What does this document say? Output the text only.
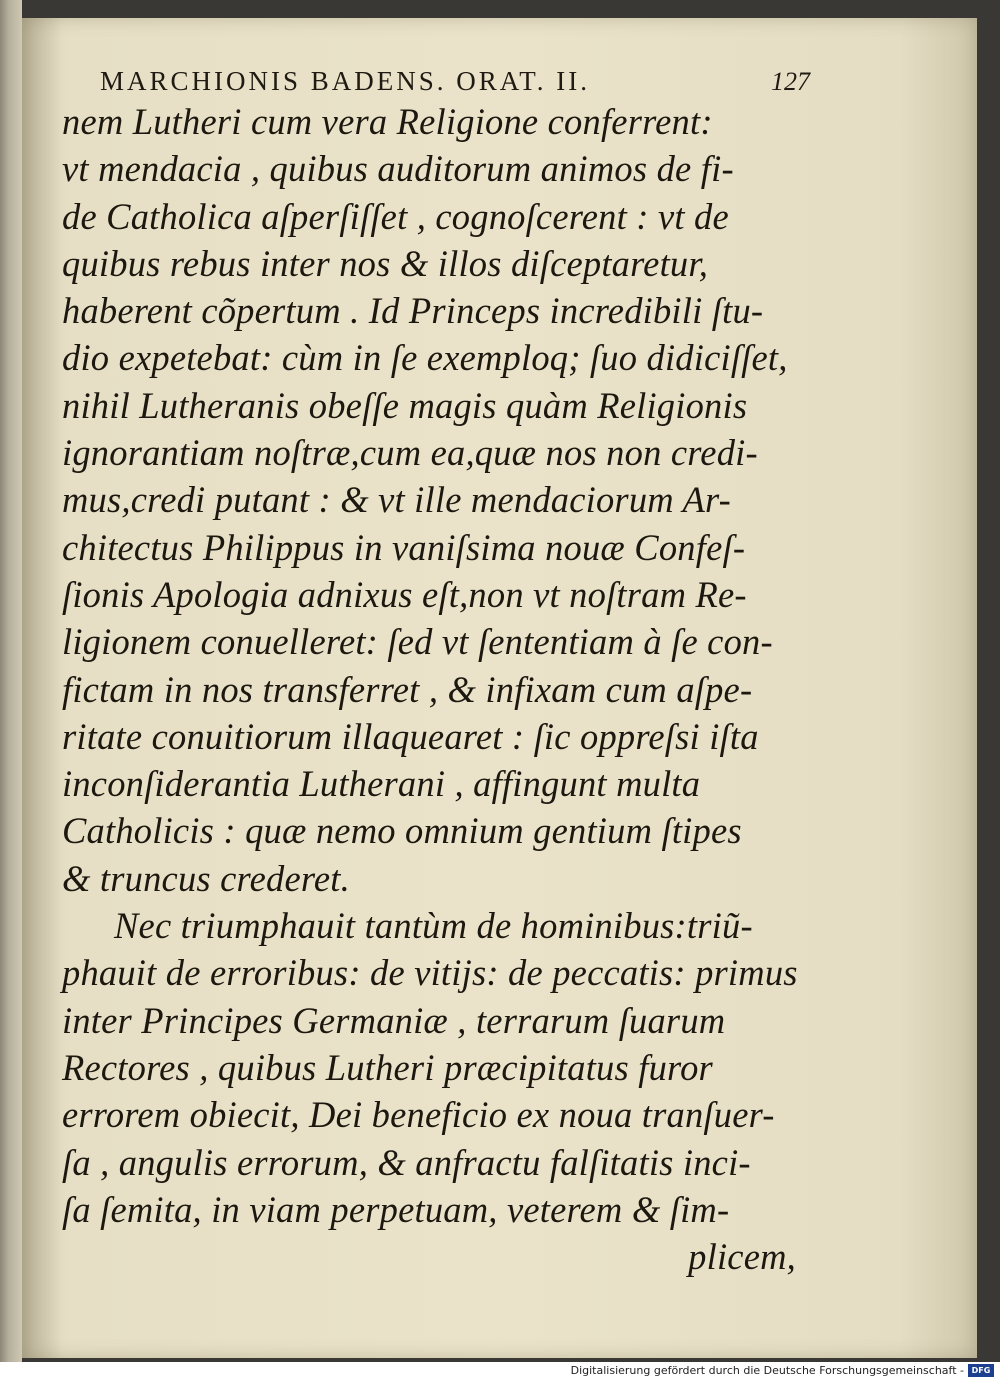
MARCHIONIS BADENS. ORAT. II.	127
nem Lutheri cum vera Religione conferrent:
vt mendacia , quibus auditorum animos de fi-
de Catholica aſperſiſſet , cognoſcerent : vt de
quibus rebus inter nos & illos diſceptaretur,
haberent cõpertum . Id Princeps incredibili ſtu-
dio expetebat: cùm in ſe exemploq; ſuo didiciſſet,
nihil Lutheranis obeſſe magis quàm Religionis
ignorantiam noſtræ,cum ea,quæ nos non credi-
mus,credi putant : & vt ille mendaciorum Ar-
chitectus Philippus in vaniſsima nouæ Confeſ-
ſionis Apologia adnixus eſt,non vt noſtram Re-
ligionem conuelleret: ſed vt ſententiam à ſe con-
fictam in nos transferret , & infixam cum aſpe-
ritate conuitiorum illaquearet : ſic oppreſsi iſta
inconſiderantia Lutherani , affingunt multa
Catholicis : quæ nemo omnium gentium ſtipes
& truncus crederet.
Nec triumphauit tantùm de hominibus:triũ-
phauit de erroribus: de vitijs: de peccatis: primus
inter Principes Germaniæ , terrarum ſuarum
Rectores , quibus Lutheri præcipitatus furor
errorem obiecit, Dei beneficio ex noua tranſuer-
ſa , angulis errorum, & anfractu falſitatis inci-
ſa ſemita, in viam perpetuam, veterem & ſim-
plicem,
Digitalisierung gefördert durch die Deutsche Forschungsgemeinschaft - DFG
